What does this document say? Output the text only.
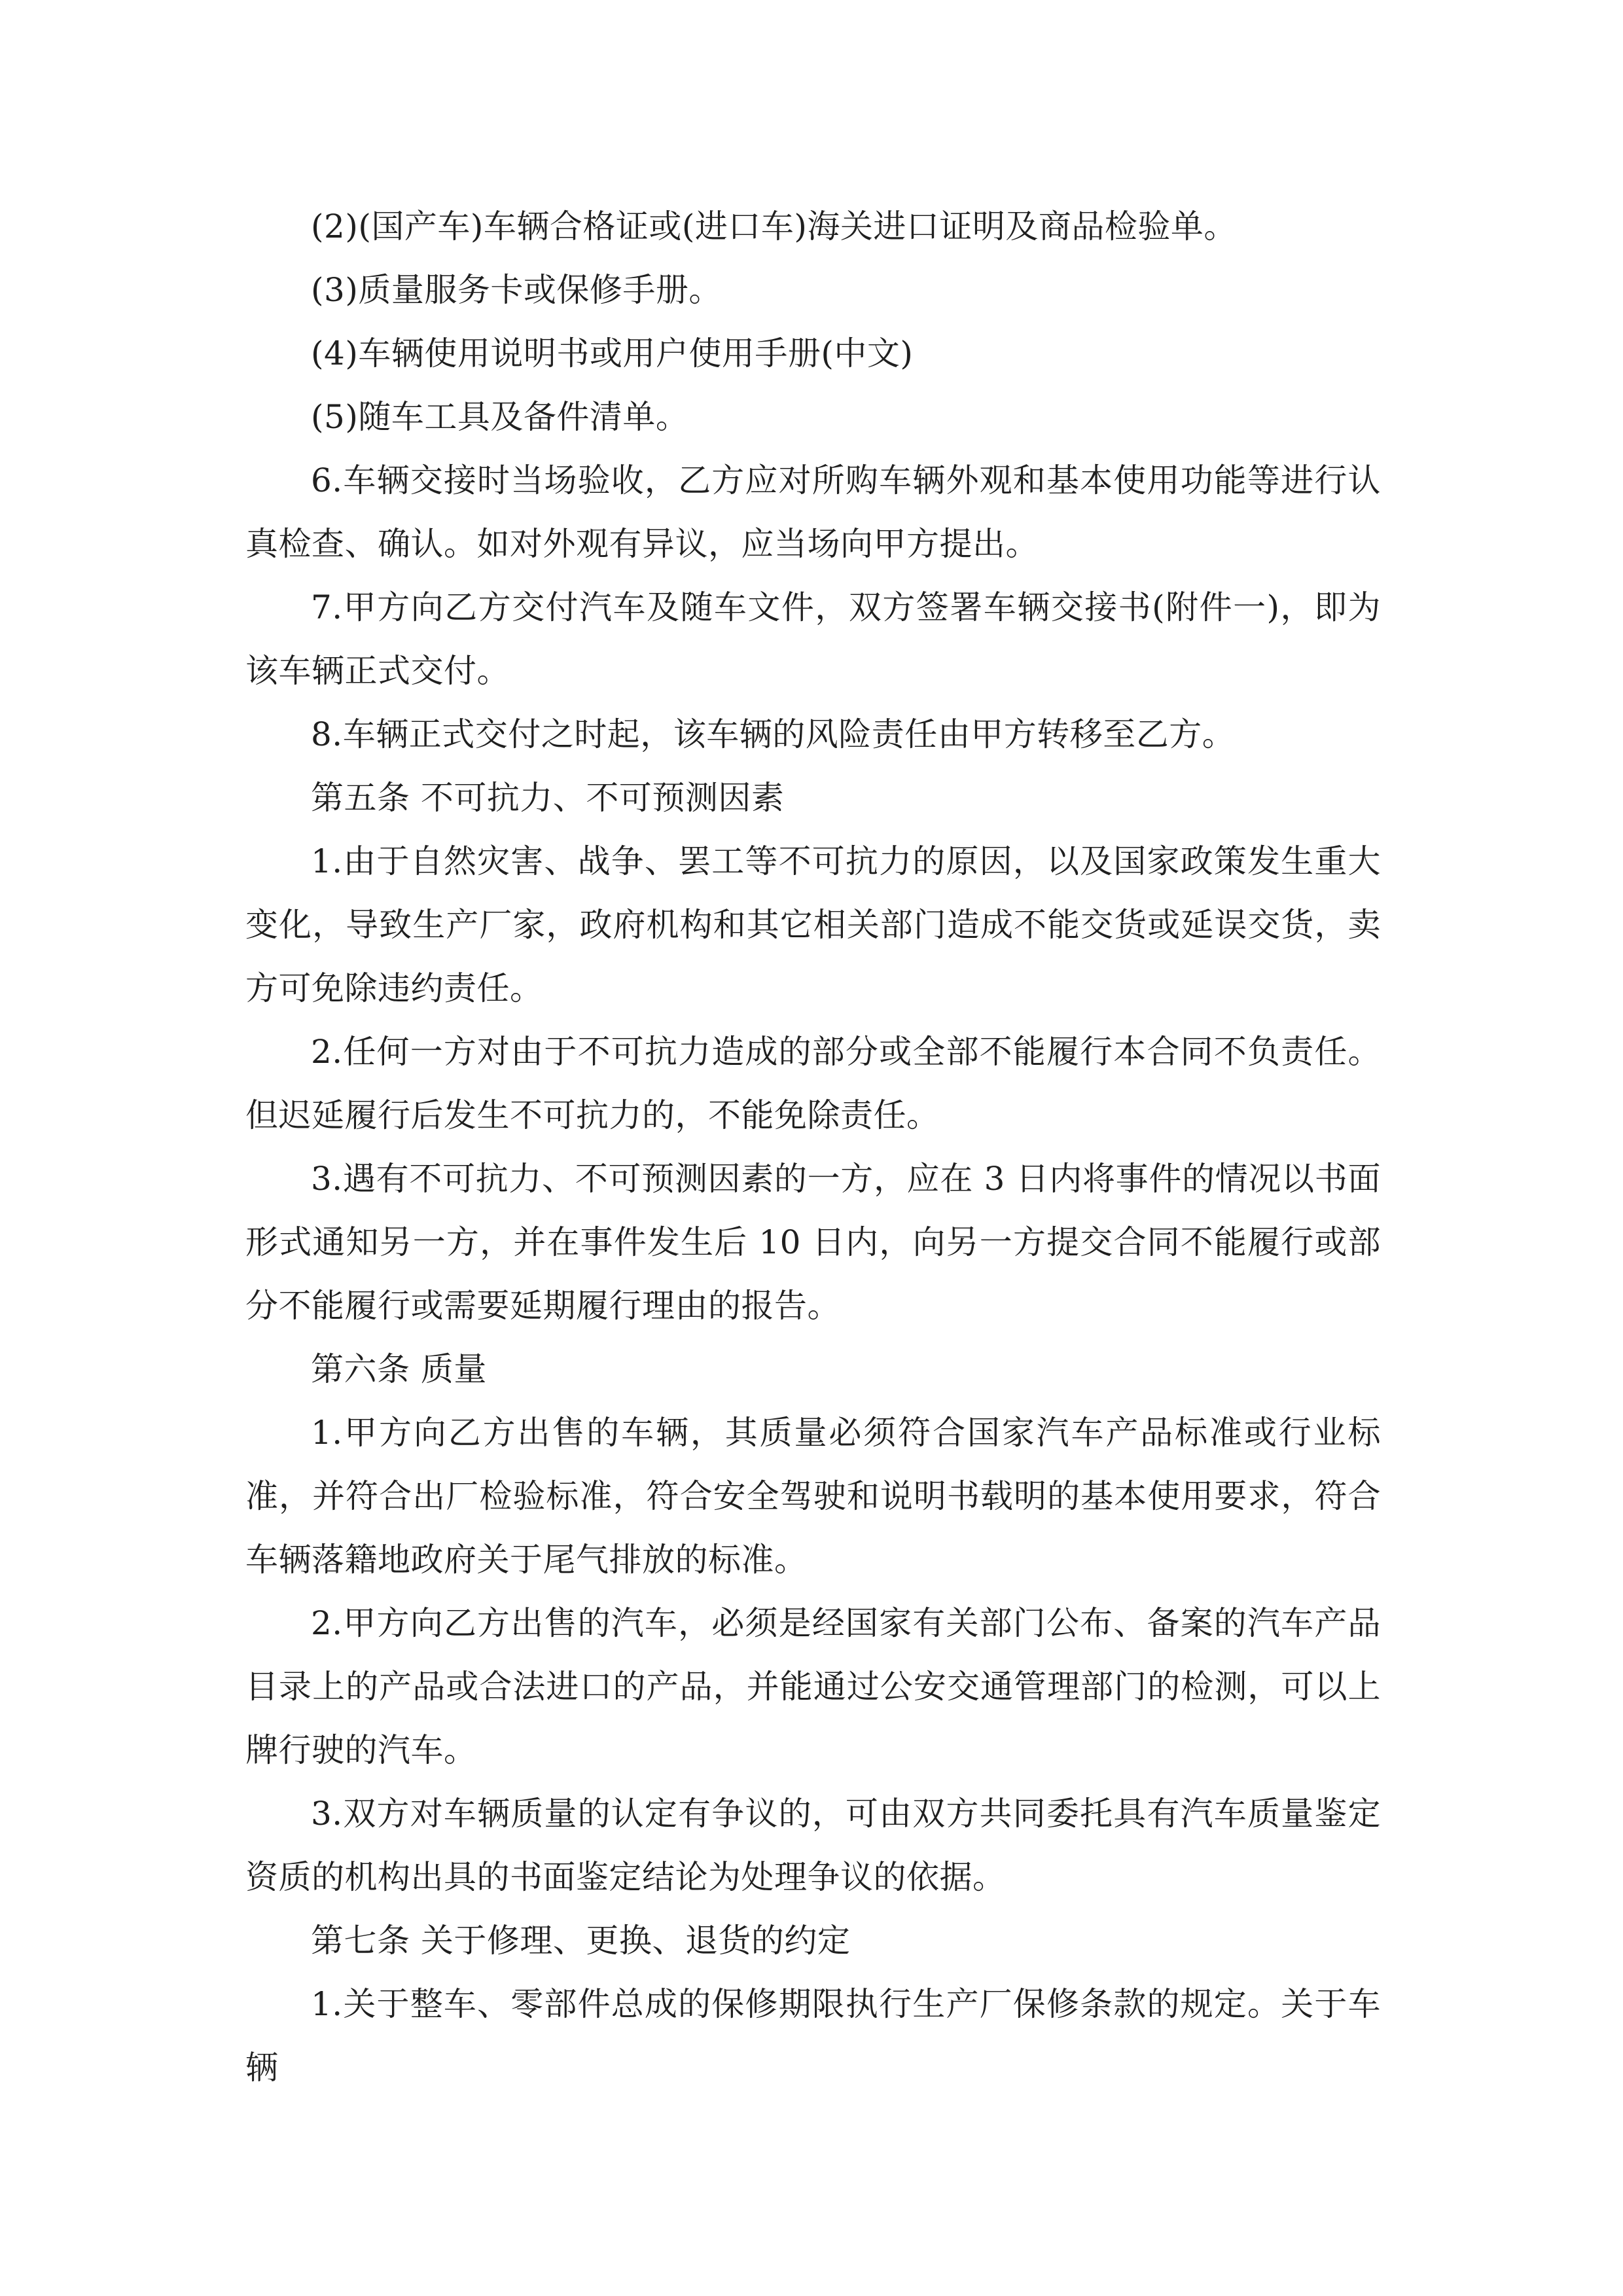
(2)(国产车)车辆合格证或(进口车)海关进口证明及商品检验单。

(3)质量服务卡或保修手册。

(4)车辆使用说明书或用户使用手册(中文)

(5)随车工具及备件清单。

6.车辆交接时当场验收，乙方应对所购车辆外观和基本使用功能等进行认真检查、确认。如对外观有异议，应当场向甲方提出。

7.甲方向乙方交付汽车及随车文件，双方签署车辆交接书(附件一)，即为该车辆正式交付。

8.车辆正式交付之时起，该车辆的风险责任由甲方转移至乙方。

第五条 不可抗力、不可预测因素

1.由于自然灾害、战争、罢工等不可抗力的原因，以及国家政策发生重大变化，导致生产厂家，政府机构和其它相关部门造成不能交货或延误交货，卖方可免除违约责任。

2.任何一方对由于不可抗力造成的部分或全部不能履行本合同不负责任。但迟延履行后发生不可抗力的，不能免除责任。

3.遇有不可抗力、不可预测因素的一方，应在 3 日内将事件的情况以书面形式通知另一方，并在事件发生后 10 日内，向另一方提交合同不能履行或部分不能履行或需要延期履行理由的报告。

第六条 质量

1.甲方向乙方出售的车辆，其质量必须符合国家汽车产品标准或行业标准，并符合出厂检验标准，符合安全驾驶和说明书载明的基本使用要求，符合车辆落籍地政府关于尾气排放的标准。

2.甲方向乙方出售的汽车，必须是经国家有关部门公布、备案的汽车产品目录上的产品或合法进口的产品，并能通过公安交通管理部门的检测，可以上牌行驶的汽车。

3.双方对车辆质量的认定有争议的，可由双方共同委托具有汽车质量鉴定资质的机构出具的书面鉴定结论为处理争议的依据。

第七条 关于修理、更换、退货的约定

1.关于整车、零部件总成的保修期限执行生产厂保修条款的规定。关于车辆
